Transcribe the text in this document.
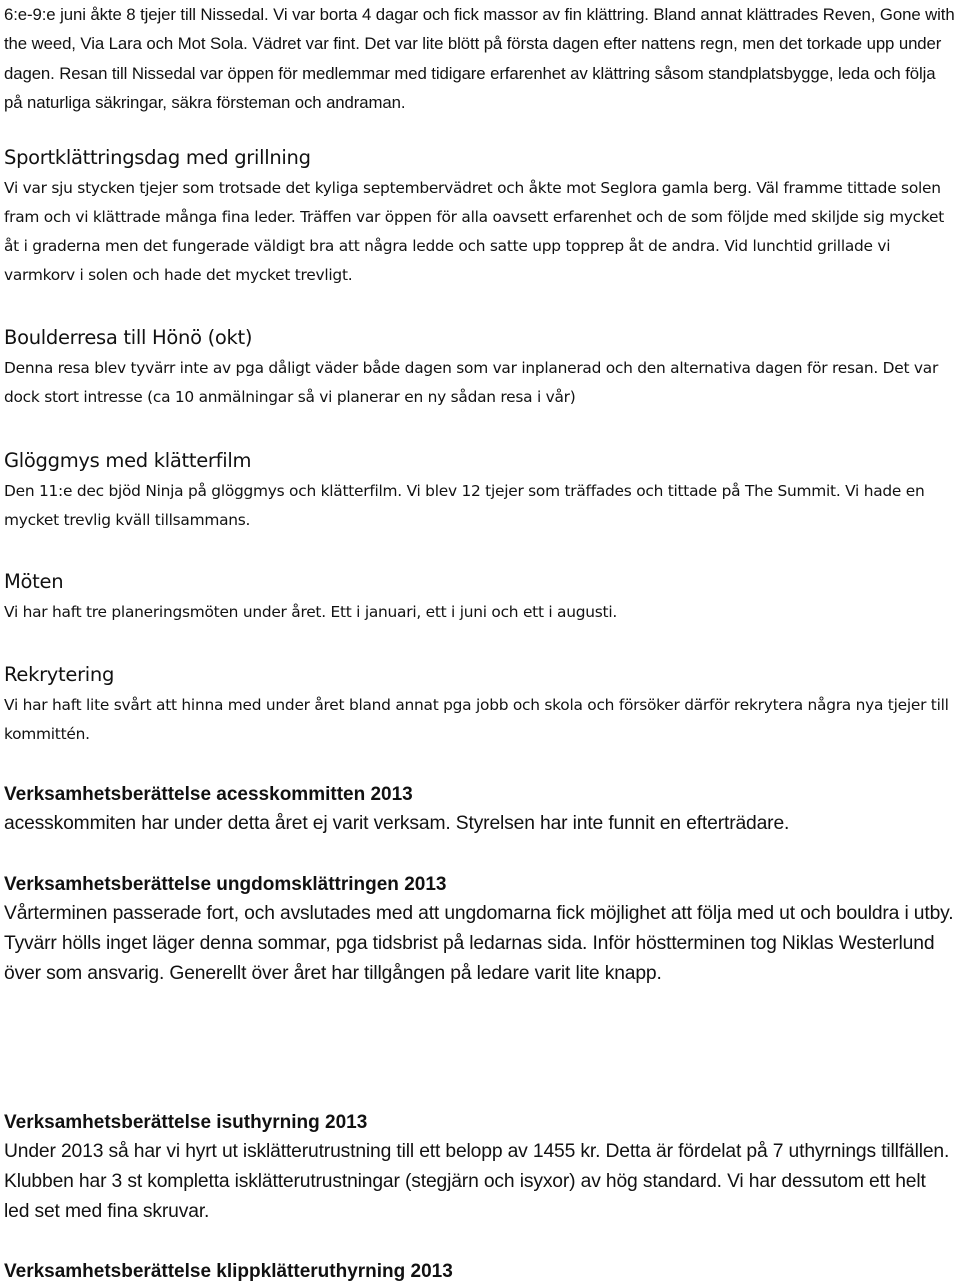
6:e-9:e juni åkte 8 tjejer till Nissedal. Vi var borta 4 dagar och fick massor av fin klättring. Bland annat klättrades Reven, Gone with the weed, Via Lara och Mot Sola. Vädret var fint. Det var lite blött på första dagen efter nattens regn, men det torkade upp under dagen. Resan till Nissedal var öppen för medlemmar med tidigare erfarenhet av klättring såsom standplatsbygge, leda och följa på naturliga säkringar, säkra försteman och andraman.

Sportklättringsdag med grillning

Vi var sju stycken tjejer som trotsade det kyliga septembervädret och åkte mot Seglora gamla berg. Väl framme tittade solen fram och vi klättrade många fina leder. Träffen var öppen för alla oavsett erfarenhet och de som följde med skiljde sig mycket åt i graderna men det fungerade väldigt bra att några ledde och satte upp topprep åt de andra. Vid lunchtid grillade vi varmkorv i solen och hade det mycket trevligt.

Boulderresa till Hönö (okt)

Denna resa blev tyvärr inte av pga dåligt väder både dagen som var inplanerad och den alternativa dagen för resan. Det var dock stort intresse (ca 10 anmälningar så vi planerar en ny sådan resa i vår)

Glöggmys med klätterfilm

Den 11:e dec bjöd Ninja på glöggmys och klätterfilm. Vi blev 12 tjejer som träffades och tittade på The Summit. Vi hade en mycket trevlig kväll tillsammans.

Möten

Vi har haft tre planeringsmöten under året. Ett i januari, ett i juni och ett i augusti.

Rekrytering

Vi har haft lite svårt att hinna med under året bland annat pga jobb och skola och försöker därför rekrytera några nya tjejer till kommittén.

Verksamhetsberättelse acesskommitten 2013

acesskommiten har under detta året ej varit verksam. Styrelsen har inte funnit en efterträdare.

Verksamhetsberättelse ungdomsklättringen 2013

Vårterminen passerade fort, och avslutades med att ungdomarna fick möjlighet att följa med ut och bouldra i utby. Tyvärr hölls inget läger denna sommar, pga tidsbrist på ledarnas sida. Inför höstterminen tog Niklas Westerlund över som ansvarig. Generellt över året har tillgången på ledare varit lite knapp.

Verksamhetsberättelse isuthyrning 2013

Under 2013 så har vi hyrt ut isklätterutrustning till ett belopp av 1455 kr. Detta är fördelat på 7 uthyrnings tillfällen.

Klubben har 3 st kompletta isklätterutrustningar (stegjärn och isyxor) av hög standard. Vi har dessutom ett helt led set med fina skruvar.

Verksamhetsberättelse klippklätteruthyrning 2013
